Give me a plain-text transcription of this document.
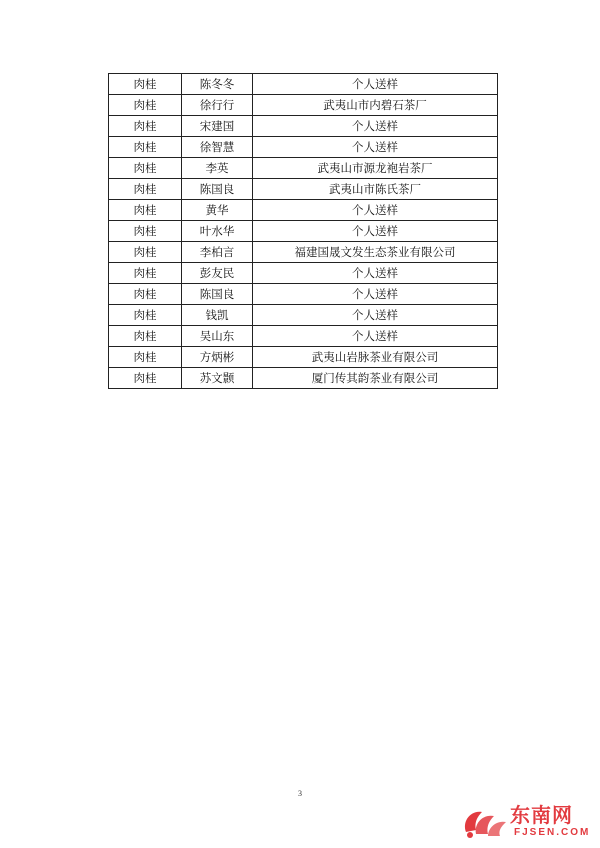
肉桂	陈冬冬	个人送样
肉桂	徐行行	武夷山市内碧石茶厂
肉桂	宋建国	个人送样
肉桂	徐智慧	个人送样
肉桂	李英	武夷山市源龙袍岩茶厂
肉桂	陈国良	武夷山市陈氏茶厂
肉桂	黄华	个人送样
肉桂	叶水华	个人送样
肉桂	李柏言	福建国晟文发生态茶业有限公司
肉桂	彭友民	个人送样
肉桂	陈国良	个人送样
肉桂	钱凯	个人送样
肉桂	吴山东	个人送样
肉桂	方炳彬	武夷山岩脉茶业有限公司
肉桂	苏文颢	厦门传其韵茶业有限公司
3
东南网
FJSEN.COM
